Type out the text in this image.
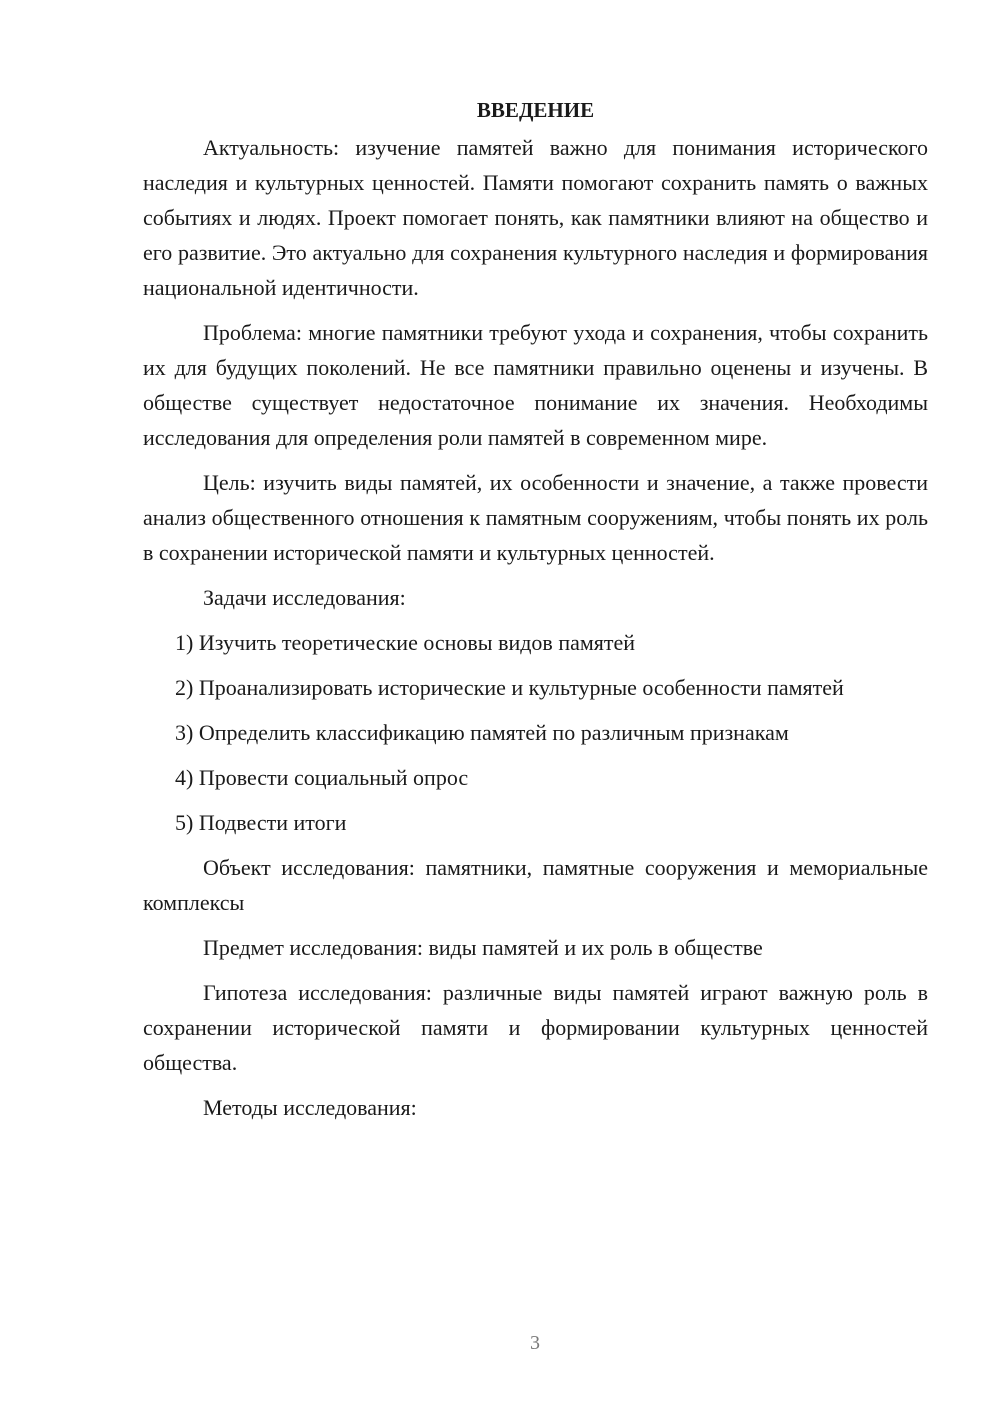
ВВЕДЕНИЕ

Актуальность: изучение памятей важно для понимания исторического наследия и культурных ценностей. Памяти помогают сохранить память о важных событиях и людях. Проект помогает понять, как памятники влияют на общество и его развитие. Это актуально для сохранения культурного наследия и формирования национальной идентичности.

Проблема: многие памятники требуют ухода и сохранения, чтобы сохранить их для будущих поколений. Не все памятники правильно оценены и изучены. В обществе существует недостаточное понимание их значения. Необходимы исследования для определения роли памятей в современном мире.

Цель: изучить виды памятей, их особенности и значение, а также провести анализ общественного отношения к памятным сооружениям, чтобы понять их роль в сохранении исторической памяти и культурных ценностей.

Задачи исследования:

1) Изучить теоретические основы видов памятей

2) Проанализировать исторические и культурные особенности памятей

3) Определить классификацию памятей по различным признакам

4) Провести социальный опрос

5) Подвести итоги

Объект исследования: памятники, памятные сооружения и мемориальные комплексы

Предмет исследования: виды памятей и их роль в обществе

Гипотеза исследования: различные виды памятей играют важную роль в сохранении исторической памяти и формировании культурных ценностей общества.

Методы исследования:

3
